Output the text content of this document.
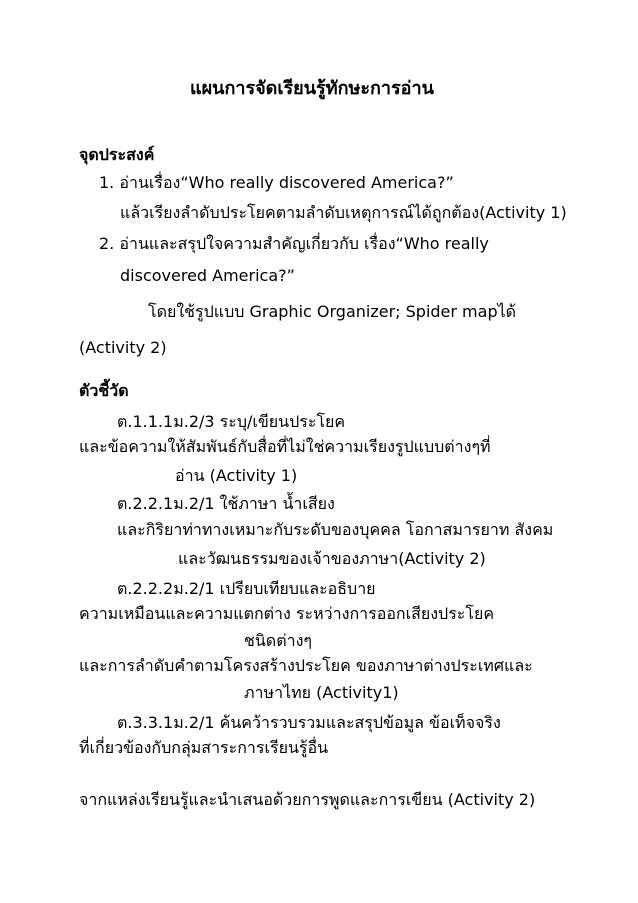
แผนการจัดเรียนรู้ทักษะการอ่าน
จุดประสงค์
1. อ่านเรื่อง“Who really discovered America?”
แล้วเรียงลำดับประโยคตามลำดับเหตุการณ์ได้ถูกต้อง(Activity 1)
2. อ่านและสรุปใจความสำคัญเกี่ยวกับ เรื่อง“Who really
discovered America?”
โดยใช้รูปแบบ Graphic Organizer; Spider mapได้
(Activity 2)
ตัวชี้วัด
ต.1.1.1ม.2/3 ระบุ/เขียนประโยค
และข้อความให้สัมพันธ์กับสื่อที่ไม่ใช่ความเรียงรูปแบบต่างๆที่
อ่าน (Activity 1)
ต.2.2.1ม.2/1 ใช้ภาษา น้ำเสียง
และกิริยาท่าทางเหมาะกับระดับของบุคคล โอกาสมารยาท สังคม
และวัฒนธรรมของเจ้าของภาษา(Activity 2)
ต.2.2.2ม.2/1 เปรียบเทียบและอธิบาย
ความเหมือนและความแตกต่าง ระหว่างการออกเสียงประโยค
ชนิดต่างๆ
และการลำดับคำตามโครงสร้างประโยค ของภาษาต่างประเทศและ
ภาษาไทย (Activity1)
ต.3.3.1ม.2/1 ค้นคว้ารวบรวมและสรุปข้อมูล ข้อเท็จจริง
ที่เกี่ยวข้องกับกลุ่มสาระการเรียนรู้อื่น
จากแหล่งเรียนรู้และนำเสนอด้วยการพูดและการเขียน (Activity 2)
